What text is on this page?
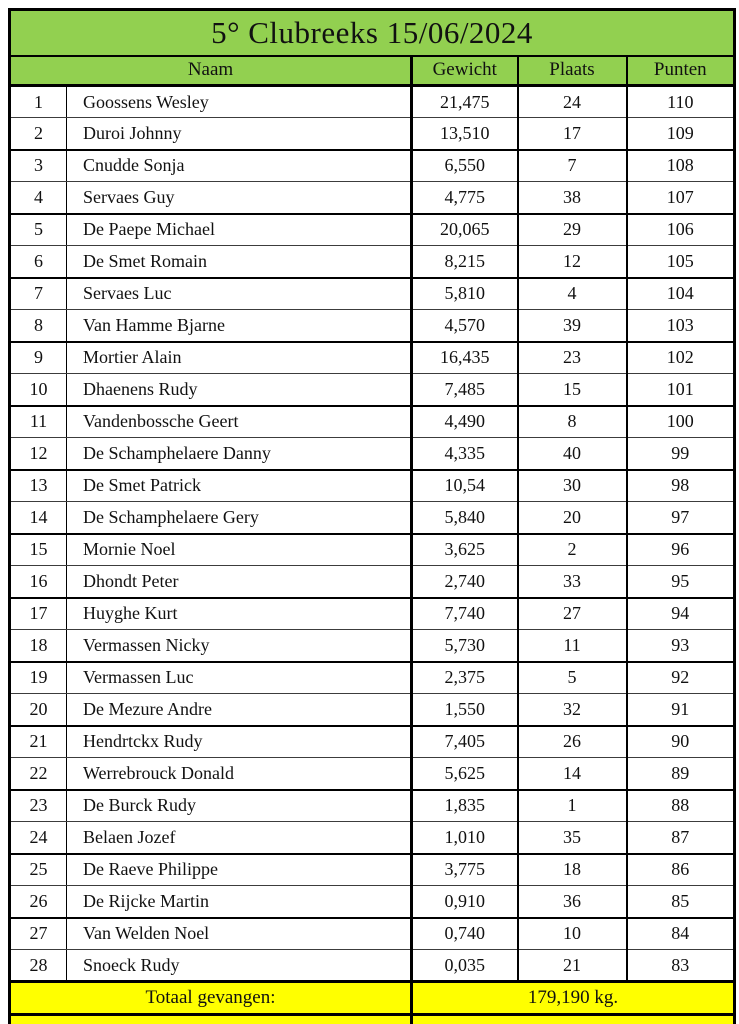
5° Clubreeks 15/06/2024				
Naam		Gewicht	Plaats	Punten
1	Goossens Wesley	21,475	24	110
2	Duroi Johnny	13,510	17	109
3	Cnudde Sonja	6,550	7	108
4	Servaes Guy	4,775	38	107
5	De Paepe Michael	20,065	29	106
6	De Smet Romain	8,215	12	105
7	Servaes Luc	5,810	4	104
8	Van Hamme Bjarne	4,570	39	103
9	Mortier Alain	16,435	23	102
10	Dhaenens Rudy	7,485	15	101
11	Vandenbossche Geert	4,490	8	100
12	De Schamphelaere Danny	4,335	40	99
13	De Smet Patrick	10,54	30	98
14	De Schamphelaere Gery	5,840	20	97
15	Mornie Noel	3,625	2	96
16	Dhondt Peter	2,740	33	95
17	Huyghe Kurt	7,740	27	94
18	Vermassen Nicky	5,730	11	93
19	Vermassen Luc	2,375	5	92
20	De Mezure Andre	1,550	32	91
21	Hendrtckx Rudy	7,405	26	90
22	Werrebrouck Donald	5,625	14	89
23	De Burck Rudy	1,835	1	88
24	Belaen Jozef	1,010	35	87
25	De Raeve Philippe	3,775	18	86
26	De Rijcke Martin	0,910	36	85
27	Van Welden Noel	0,740	10	84
28	Snoeck Rudy	0,035	21	83
Totaal gevangen:		179,190 kg.		
